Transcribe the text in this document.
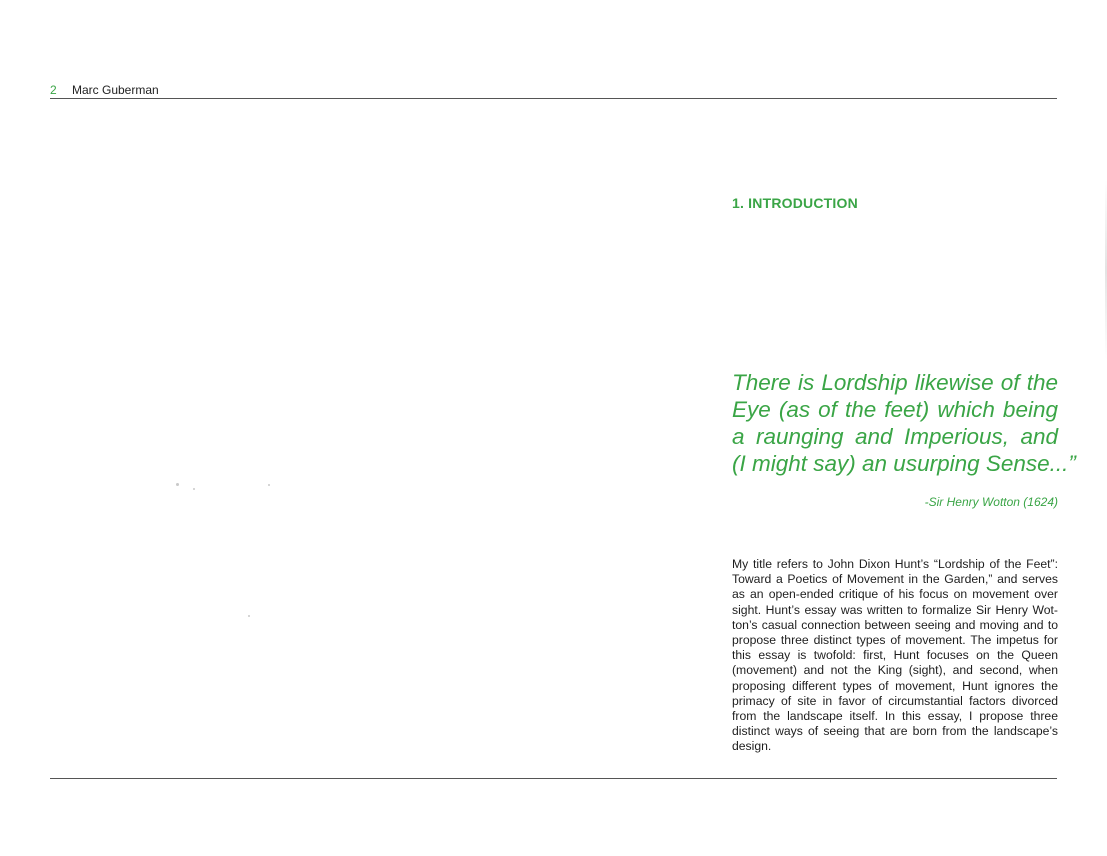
2 Marc Guberman
1. INTRODUCTION
There is Lordship likewise of the
Eye (as of the feet) which being
a raunging and Imperious, and
(I might say) an usurping Sense...”
-Sir Henry Wotton (1624)

My title refers to John Dixon Hunt’s “Lordship of the Feet”: Toward a Poetics of Movement in the Garden,” and serves as an open-ended critique of his focus on movement over sight. Hunt’s essay was written to formalize Sir Henry Wot-ton’s casual connection between seeing and moving and to propose three distinct types of movement. The impetus for this essay is twofold: first, Hunt focuses on the Queen (movement) and not the King (sight), and second, when proposing different types of movement, Hunt ignores the primacy of site in favor of circumstantial factors divorced from the landscape itself. In this essay, I propose three distinct ways of seeing that are born from the landscape’s design.
